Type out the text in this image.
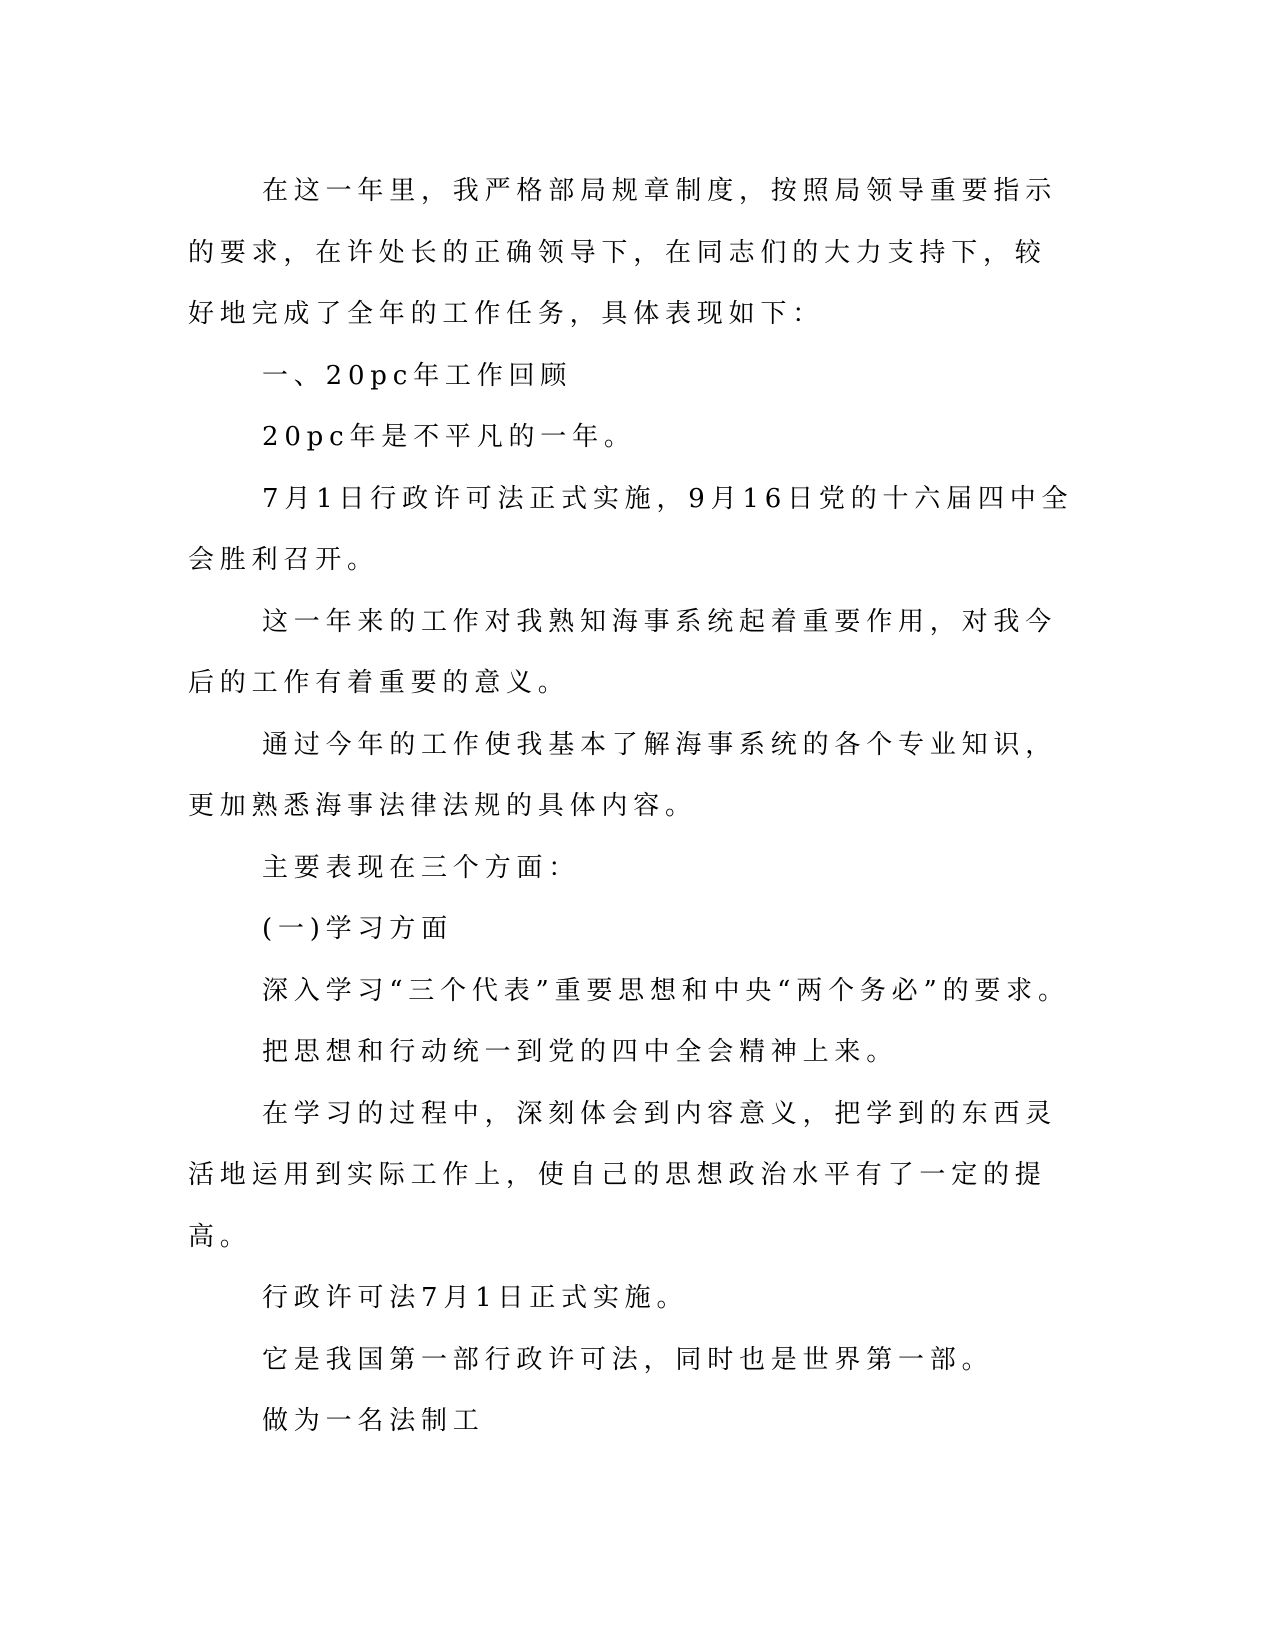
在这一年里，我严格部局规章制度，按照局领导重要指示的要求，在许处长的正确领导下，在同志们的大力支持下，较好地完成了全年的工作任务，具体表现如下：

一、20pc年工作回顾

20pc年是不平凡的一年。

7月1日行政许可法正式实施，9月16日党的十六届四中全会胜利召开。

这一年来的工作对我熟知海事系统起着重要作用，对我今后的工作有着重要的意义。

通过今年的工作使我基本了解海事系统的各个专业知识，更加熟悉海事法律法规的具体内容。

主要表现在三个方面：

(一)学习方面

深入学习“三个代表”重要思想和中央“两个务必”的要求。

把思想和行动统一到党的四中全会精神上来。

在学习的过程中，深刻体会到内容意义，把学到的东西灵活地运用到实际工作上，使自己的思想政治水平有了一定的提高。

行政许可法7月1日正式实施。

它是我国第一部行政许可法，同时也是世界第一部。

做为一名法制工
